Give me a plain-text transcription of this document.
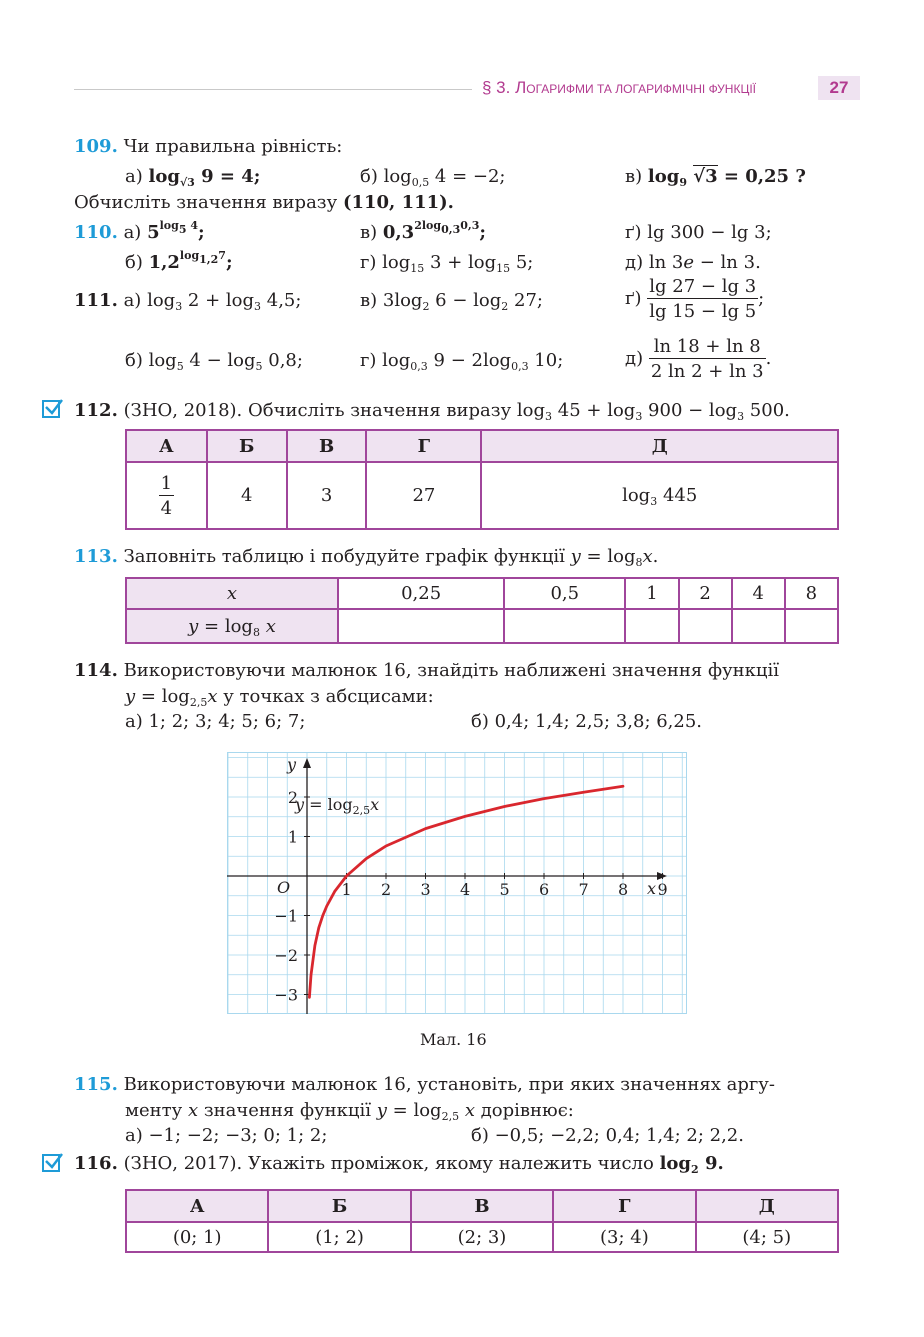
§ 3. ЛОГАРИФМИ ТА ЛОГАРИФМІЧНІ ФУНКЦІЇ	27
109. Чи правильна рівність:
а) $\log_{√3} 9 = 4$;	б) $\log_{0,5} 4 = -2$;	в) $\log_9 √3 = 0,25$ ?
Обчисліть значення виразу (110, 111).
110. а) $5^{log_5 4}$;	в) $0,3^{2log_{0,3}0,3}$;	ґ) lg 300 − lg 3;
б) $1,2^{log_{1,2}7}$;	г) $\log_{15} 3 + \log_{15} 5$;	д) ln 3e − ln 3.
111. а) $\log_3 2 + \log_3 4,5$;	в) $3\log_2$ $6 - \log_2 27$;	$ґ) \frac{\lg 27 - \lg 3}{\lg 15 - \lg 5}$ ;
б) $\log_5 4 - \log_5 0,8$;	г) $\log_{0,3} 9 - 2\log_{0,3}$ 10;	$д) \frac{\ln 18 + \ln 8}{2 \ln 2 + \ln 3}$ .
112. (ЗНО, 2018). Обчисліть значення виразу $\log_3 45 + \log_3 900 - \log_3 500$.
А	Б	В	Г	Д

$\frac{1}{4}$	4	3	27	$\log_3 445$
113. Заповніть таблицю і побудуйте графік функції $y = \log_8x$.
x	0,25	0,5	1	2	4	8
$y = \log_8 x$						
114. Використовуючи малюнок 16, знайдіть наближені значення функції
$y = \log_{2,5}x$ у точках з абсцисами:
а) 1; 2; 3; 4; 5; 6; 7;	б) 0,4; 1,4; 2,5; 3,8; 6,25.
1 2 3 4 5 6 7 8 9
2
1
−1
−2
−3
O	x
y
$y = \log_{2,5}x$
Мал. 16
115. Використовуючи малюнок 16, установіть, при яких значеннях аргу-
менту x значення функції $y = \log_{2,5} x$ дорівнює:
а) −1; −2; −3; 0; 1; 2;	б) −0,5; −2,2; 0,4; 1,4; 2; 2,2.
116. (ЗНО, 2017). Укажіть проміжок, якому належить число $\log_2 9$.
А	Б	В	Г	Д
(0; 1)	(1; 2)	(2; 3)	(3; 4)	(4; 5)
